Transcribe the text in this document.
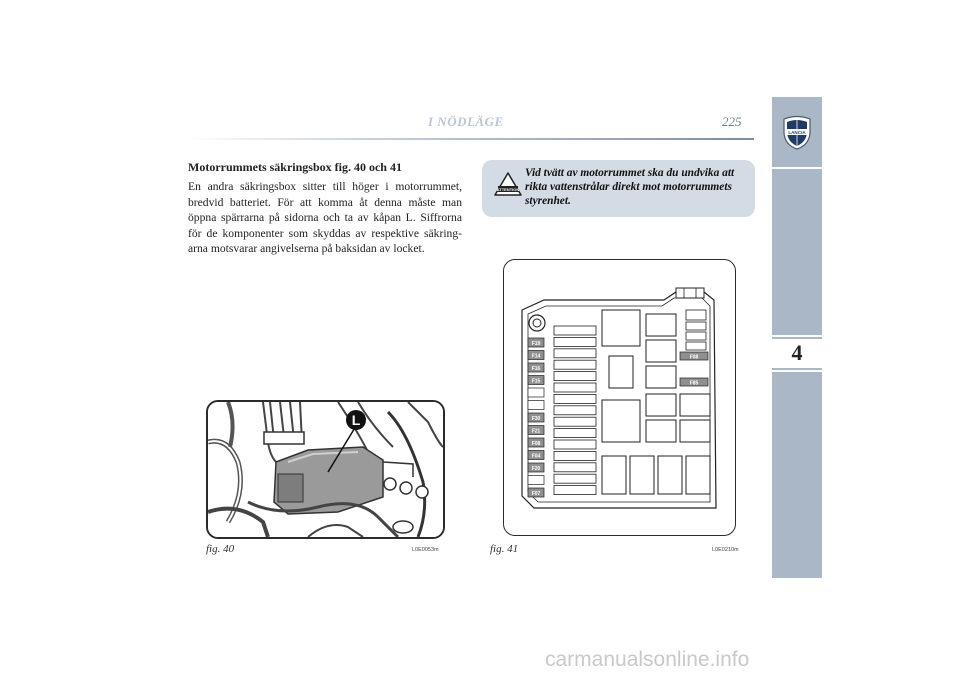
I NÖDLÄGE	225
LANCIA
4
Motorrummets säkringsbox fig. 40 och 41
En andra säkringsbox sitter till höger i motorrummet, bredvid batteriet. För att komma åt denna måste man öppna spärrarna på sidorna och ta av kåpan L. Siffrorna för de komponenter som skyddas av respektive säkring-arna motsvarar angivelserna på baksidan av locket.
ATTENTION
Vid tvätt av motorrummet ska du undvika att rikta vattenstrålar direkt mot motorrummets styrenhet.
L
fig. 40	L0E0053m
F19
F14
F16
F15
F30
F21
F08
F04
F20
F07
F08
F85
fig. 41	L0E0210m
carmanualsonline.info
